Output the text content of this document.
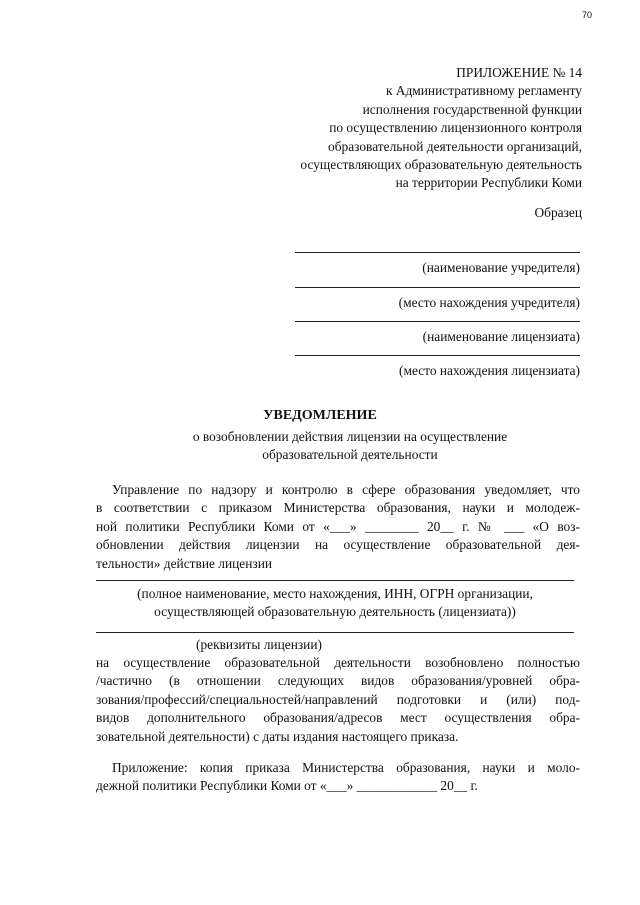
70
ПРИЛОЖЕНИЕ № 14
к Административному регламенту
исполнения государственной функции
по осуществлению лицензионного контроля
образовательной деятельности организаций,
осуществляющих образовательную деятельность
на территории Республики Коми
Образец
(наименование учредителя)
(место нахождения учредителя)
(наименование лицензиата)
(место нахождения лицензиата)
УВЕДОМЛЕНИЕ
о возобновлении действия лицензии на осуществление
образовательной деятельности
Управление по надзору и контролю в сфере образования уведомляет, что
в соответствии с приказом Министерства образования, науки и молодеж-
ной политики Республики Коми от «___» ________ 20__ г. № ___ «О воз-
обновлении действия лицензии на осуществление образовательной дея-
тельности» действие лицензии
(полное наименование, место нахождения, ИНН, ОГРН организации,
осуществляющей образовательную деятельность (лицензиата))
(реквизиты лицензии)
на осуществление образовательной деятельности возобновлено полностью
/частично (в отношении следующих видов образования/уровней обра-
зования/профессий/специальностей/направлений подготовки и (или) под-
видов дополнительного образования/адресов мест осуществления обра-
зовательной деятельности) с даты издания настоящего приказа.
Приложение: копия приказа Министерства образования, науки и моло-
дежной политики Республики Коми от «___» ____________ 20__ г.
